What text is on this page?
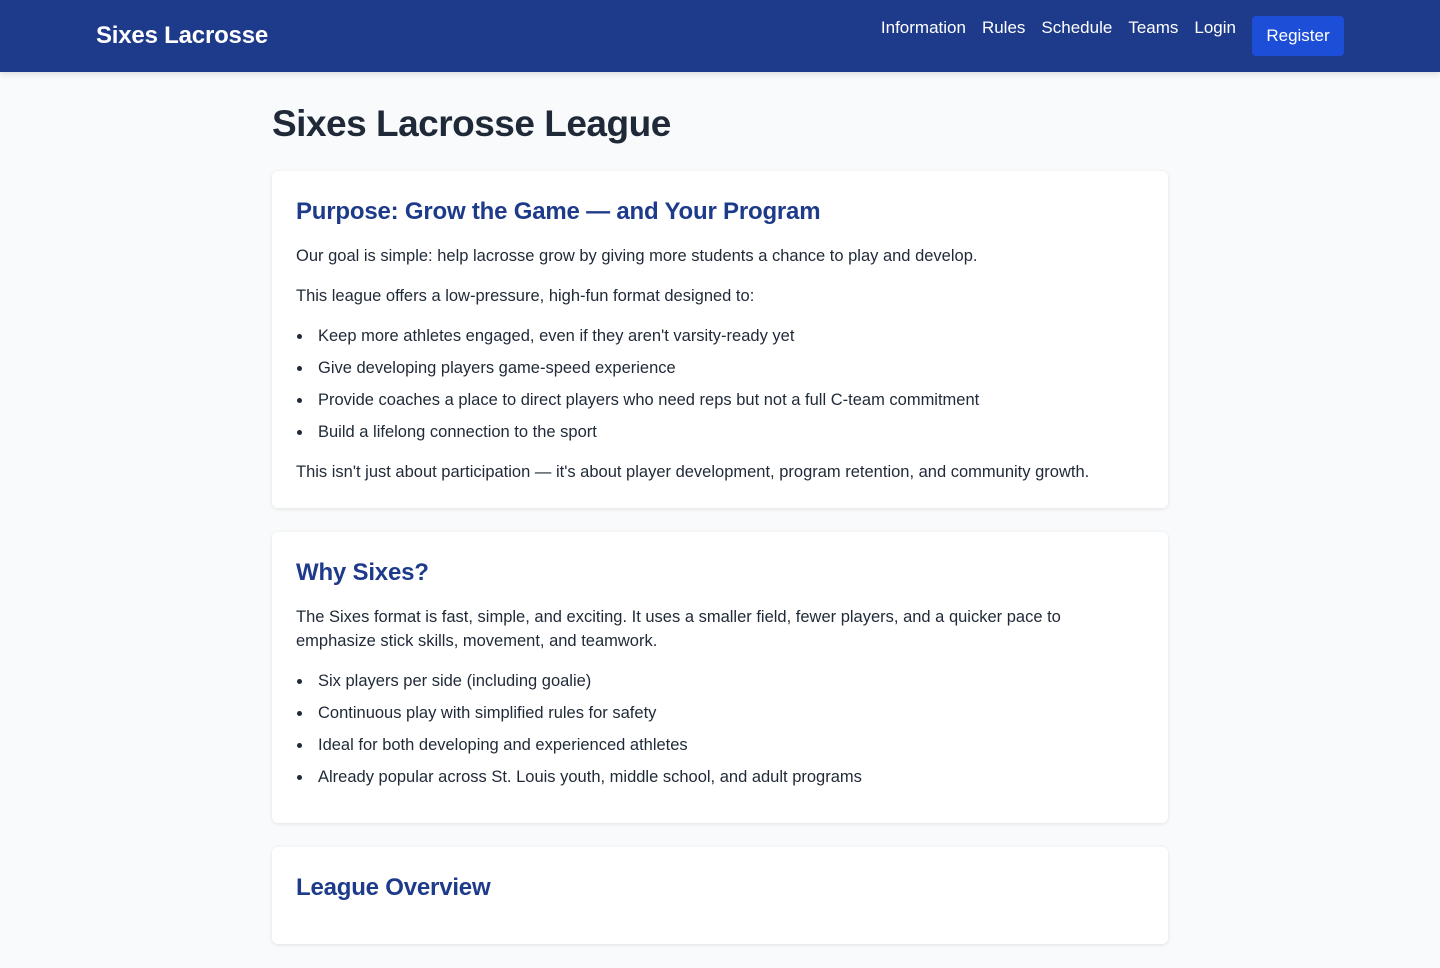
Sixes Lacrosse	Information Rules Schedule Teams Login	Register
Sixes Lacrosse League
Purpose: Grow the Game — and Your Program

Our goal is simple: help lacrosse grow by giving more students a chance to play and develop.

This league offers a low-pressure, high-fun format designed to:

Keep more athletes engaged, even if they aren't varsity-ready yet
Give developing players game-speed experience
Provide coaches a place to direct players who need reps but not a full C-team commitment
Build a lifelong connection to the sport

This isn't just about participation — it's about player development, program retention, and community growth.

Why Sixes?

The Sixes format is fast, simple, and exciting. It uses a smaller field, fewer players, and a quicker pace to emphasize stick skills, movement, and teamwork.

Six players per side (including goalie)
Continuous play with simplified rules for safety
Ideal for both developing and experienced athletes
Already popular across St. Louis youth, middle school, and adult programs
League Overview
